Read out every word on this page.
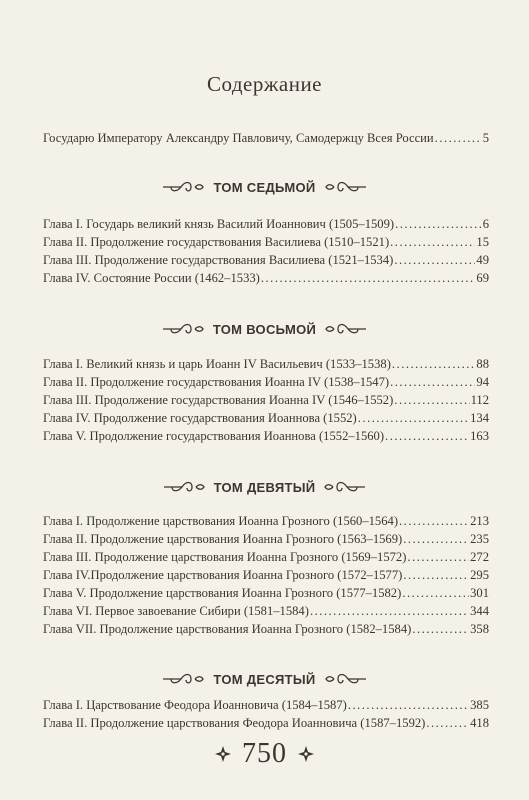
Содержание
Государю Императору Александру Павловичу, Самодержцу Всея России .....	5
ТОМ СЕДЬМОЙ
Глава I. Государь великий князь Василий Иоаннович (1505–1509) .....	6
Глава II. Продолжение государствования Василиева (1510–1521) .....	15
Глава III. Продолжение государствования Василиева (1521–1534) .....	49
Глава IV. Состояние России (1462–1533) .....	69
ТОМ ВОСЬМОЙ
Глава I. Великий князь и царь Иоанн IV Васильевич (1533–1538) .....	88
Глава II. Продолжение государствования Иоанна IV (1538–1547) .....	94
Глава III. Продолжение государствования Иоанна IV (1546–1552) .....	112
Глава IV. Продолжение государствования Иоаннова (1552) .....	134
Глава V. Продолжение государствования Иоаннова (1552–1560) .....	163
ТОМ ДЕВЯТЫЙ
Глава I. Продолжение царствования Иоанна Грозного (1560–1564) .....	213
Глава II. Продолжение царствования Иоанна Грозного (1563–1569) .....	235
Глава III. Продолжение царствования Иоанна Грозного (1569–1572) .....	272
Глава IV.Продолжение царствования Иоанна Грозного (1572–1577) .....	295
Глава V. Продолжение царствования Иоанна Грозного (1577–1582) .....	301
Глава VI. Первое завоевание Сибири (1581–1584) .....	344
Глава VII. Продолжение царствования Иоанна Грозного (1582–1584) .....	358
ТОМ ДЕСЯТЫЙ
Глава I. Царствование Феодора Иоанновича (1584–1587) .....	385
Глава II. Продолжение царствования Феодора Иоанновича (1587–1592) .....	418
750
